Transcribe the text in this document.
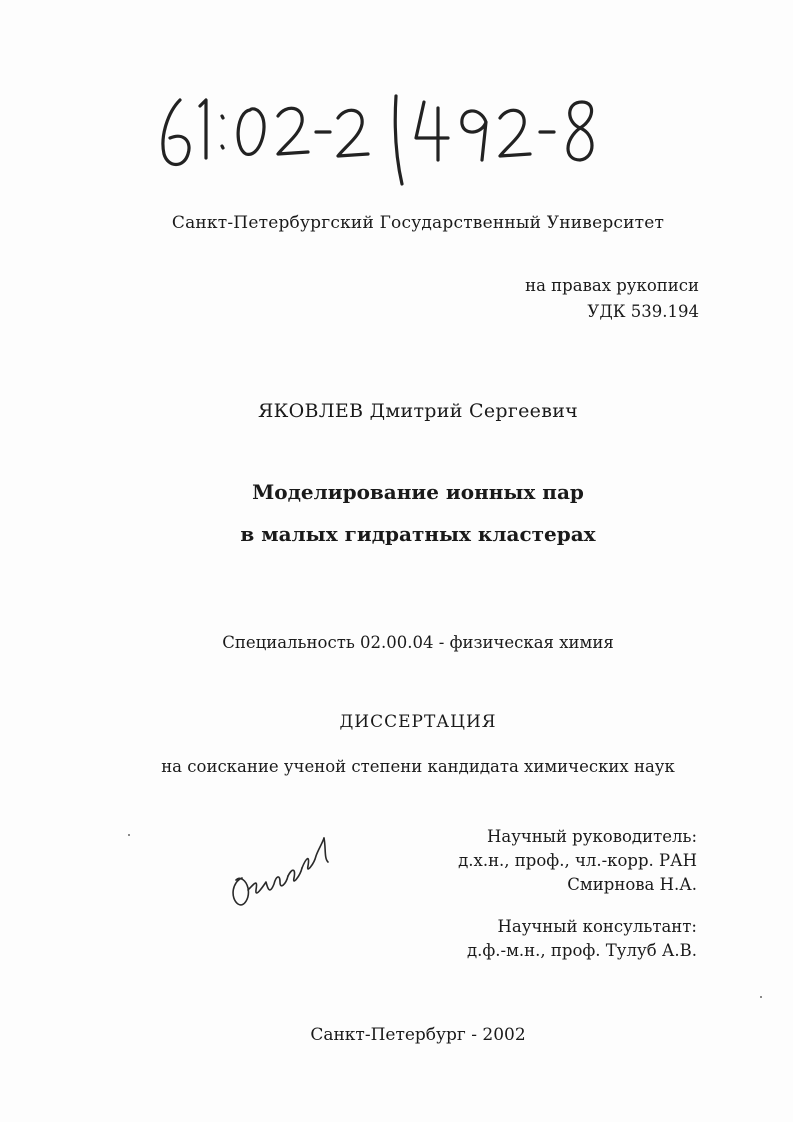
Санкт-Петербургский Государственный Университет
на правах рукописи
УДК 539.194
ЯКОВЛЕВ Дмитрий Сергеевич
Моделирование ионных пар
в малых гидратных кластерах
Специальность 02.00.04 - физическая химия
ДИССЕРТАЦИЯ
на соискание ученой степени кандидата химических наук
Научный руководитель:
д.х.н., проф., чл.-корр. РАН
Смирнова Н.А.
Научный консультант:
д.ф.-м.н., проф. Тулуб А.В.
Санкт-Петербург - 2002
